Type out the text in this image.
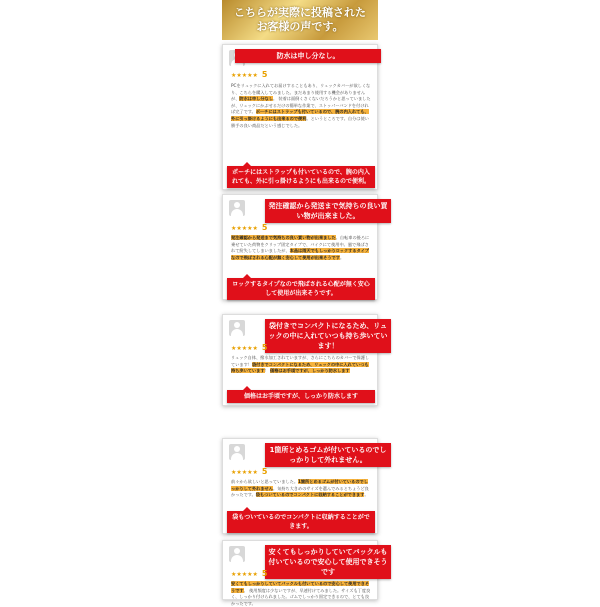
こちらが実際に投稿された
お客様の声です。
防水は申し分なし。
★★★★★ 5
PCをリュックに入れてお届けすることもあり、リュックカバーが欲しくなり、こちらを購入してみました。まだあまり使用する機会がありませんが、防水は申し分なし。 装着は面倒くさくないだろうかと思っていましたが、リュックにかぶせるだけの簡単な作業で、ストッパーバンドを付ければ完了です。ポーチにはストラップも付いているので、腕の内入れても、外に引っ掛けるようにも出来るので便利。というところです。自分は使い勝手の良い商品だという感じでした。
ポーチにはストラップも付いているので、腕の内入れても、外に引っ掛けるようにも出来るので便利。
発注確認から発送まで気持ちの良い買い物が出来ました。
★★★★★ 5
発注確認から発送まで気持ちの良い買い物が出来ました。自転車の後ろに乗せていた荷物をクリップ固定タイプで、バイクにて使用中。風で飛ばされて紛失してしまいましたが、本品は雨天でもしっかりロックするタイプなので飛ばされる心配が無く安心して使用が出来そうです。
ロックするタイプなので飛ばされる心配が無く安心して使用が出来そうです。
袋付きでコンパクトになるため、リュックの中に入れていつも持ち歩いています！
★★★★★ 5
リュック自体、撥水加工されていますが、さらにこちらのカバーで保護しています！袋付きでコンパクトになるため、リュックの中に入れていつも持ち歩いています！ 価格はお手頃ですが、しっかり防水します
価格はお手頃ですが、しっかり防水します
1箇所とめるゴムが付いているのでしっかりして外れません。
★★★★★ 5
前々から欲しいと思っていました。1箇所とめるゴムが付いているのでしっかりして外れません。気持ち大きめのサイズを選んでみるとちょうど良かったです。袋もついているのでコンパクトに収納することができます。
袋もついているのでコンパクトに収納することができます。
安くてもしっかりしていてバックルも付いているので安心して使用できそうです
★★★★★ 5
安くてもしっかりしていてバックルも付いているので安心して使用できそうです。 使用頻度は少ないですが、早速付けてみました。サイズも丁度良く、しっかり付けられました。ゴムでしっかり固定できるので、とても良かったです。
